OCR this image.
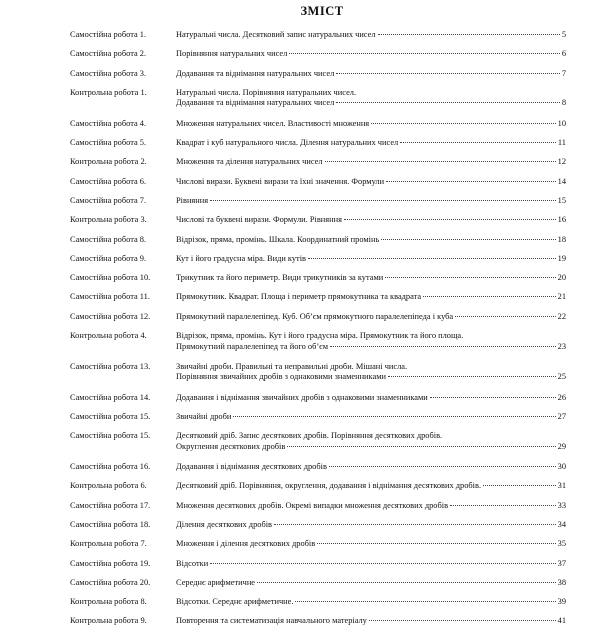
ЗМІСТ
Самостійна робота 1.	Натуральні числа. Десятковий запис натуральних чисел	5
Самостійна робота 2.	Порівняння натуральних чисел	6
Самостійна робота 3.	Додавання та віднімання натуральних чисел	7
Контрольна робота 1.	Натуральні числа. Порівняння натуральних чисел.
Додавання та віднімання натуральних чисел	8
Самостійна робота 4.	Множення натуральних чисел. Властивості множення	10
Самостійна робота 5.	Квадрат і куб натурального числа. Ділення натуральних чисел	11
Контрольна робота 2.	Множення та ділення натуральних чисел	12
Самостійна робота 6.	Числові вирази. Буквені вирази та їхні значення. Формули	14
Самостійна робота 7.	Рівняння	15
Контрольна робота 3.	Числові та буквені вирази. Формули. Рівняння	16
Самостійна робота 8.	Відрізок, пряма, промінь. Шкала. Координатний промінь	18
Самостійна робота 9.	Кут і його градусна міра. Види кутів	19
Самостійна робота 10.	Трикутник та його периметр. Види трикутників за кутами	20
Самостійна робота 11.	Прямокутник. Квадрат. Площа і периметр прямокутника та квадрата	21
Самостійна робота 12.	Прямокутний паралелепіпед. Куб. Об’єм прямокутного паралелепіпеда і куба	22
Контрольна робота 4.	Відрізок, пряма, промінь. Кут і його градусна міра. Прямокутник та його площа.
Прямокутний паралелепіпед та його об’єм	23
Самостійна робота 13.	Звичайні дроби. Правильні та неправильні дроби. Мішані числа.
Порівняння звичайних дробів з однаковими знаменниками	25
Самостійна робота 14.	Додавання і віднімання звичайних дробів з однаковими знаменниками	26
Самостійна робота 15.	Звичайні дроби	27
Самостійна робота 15.	Десятковий дріб. Запис десяткових дробів. Порівняння десяткових дробів.
Округлення десяткових дробів	29
Самостійна робота 16.	Додавання і віднімання десяткових дробів	30
Контрольна робота 6.	Десятковий дріб. Порівняння, округлення, додавання і віднімання десяткових дробів.	31
Самостійна робота 17.	Множення десяткових дробів. Окремі випадки множення десяткових дробів	33
Самостійна робота 18.	Ділення десяткових дробів	34
Контрольна робота 7.	Множення і ділення десяткових дробів	35
Самостійна робота 19.	Відсотки	37
Самостійна робота 20.	Середнє арифметичне	38
Контрольна робота 8.	Відсотки. Середнє арифметичне.	39
Контрольна робота 9.	Повторення та систематизація навчального матеріалу	41
